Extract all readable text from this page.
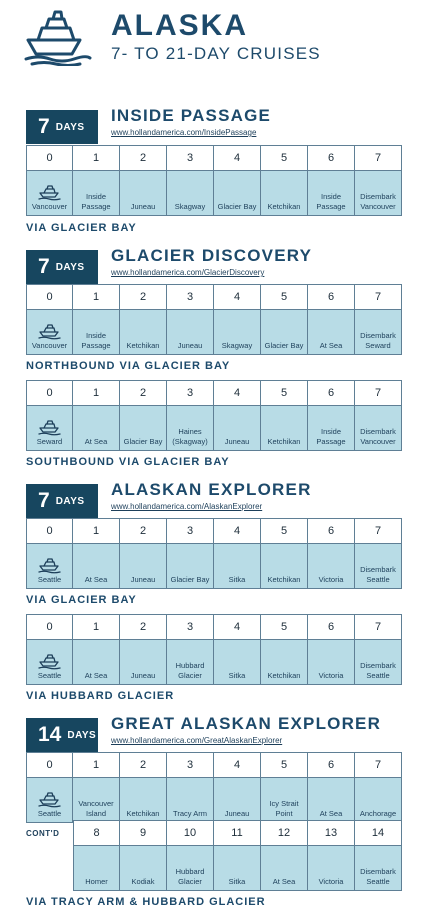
ALASKA
7- TO 21-DAY CRUISES
7 DAYS
INSIDE PASSAGE
www.hollandamerica.com/InsidePassage
0
Vancouver
1
Inside
Passage
2
Juneau
3
Skagway
4
Glacier Bay
5
Ketchikan
6
Inside
Passage
7
Disembark
Vancouver
VIA GLACIER BAY
7 DAYS
GLACIER DISCOVERY
www.hollandamerica.com/GlacierDiscovery
0
Vancouver
1
Inside
Passage
2
Ketchikan
3
Juneau
4
Skagway
5
Glacier Bay
6
At Sea
7
Disembark
Seward
NORTHBOUND VIA GLACIER BAY
0
Seward
1
At Sea
2
Glacier Bay
3
Haines
(Skagway)
4
Juneau
5
Ketchikan
6
Inside
Passage
7
Disembark
Vancouver
SOUTHBOUND VIA GLACIER BAY
7 DAYS
ALASKAN EXPLORER
www.hollandamerica.com/AlaskanExplorer
0
Seattle
1
At Sea
2
Juneau
3
Glacier Bay
4
Sitka
5
Ketchikan
6
Victoria
7
Disembark
Seattle
VIA GLACIER BAY
0
Seattle
1
At Sea
2
Juneau
3
Hubbard
Glacier
4
Sitka
5
Ketchikan
6
Victoria
7
Disembark
Seattle
VIA HUBBARD GLACIER
14 DAYS
GREAT ALASKAN EXPLORER
www.hollandamerica.com/GreatAlaskanExplorer
0
Seattle
1
Vancouver
Island
2
Ketchikan
3
Tracy Arm
4
Juneau
5
Icy Strait
Point
6
At Sea
7
Anchorage
CONT'D	8
Homer
9
Kodiak
10
Hubbard
Glacier
11
Sitka
12
At Sea
13
Victoria
14
Disembark
Seattle
VIA TRACY ARM & HUBBARD GLACIER
